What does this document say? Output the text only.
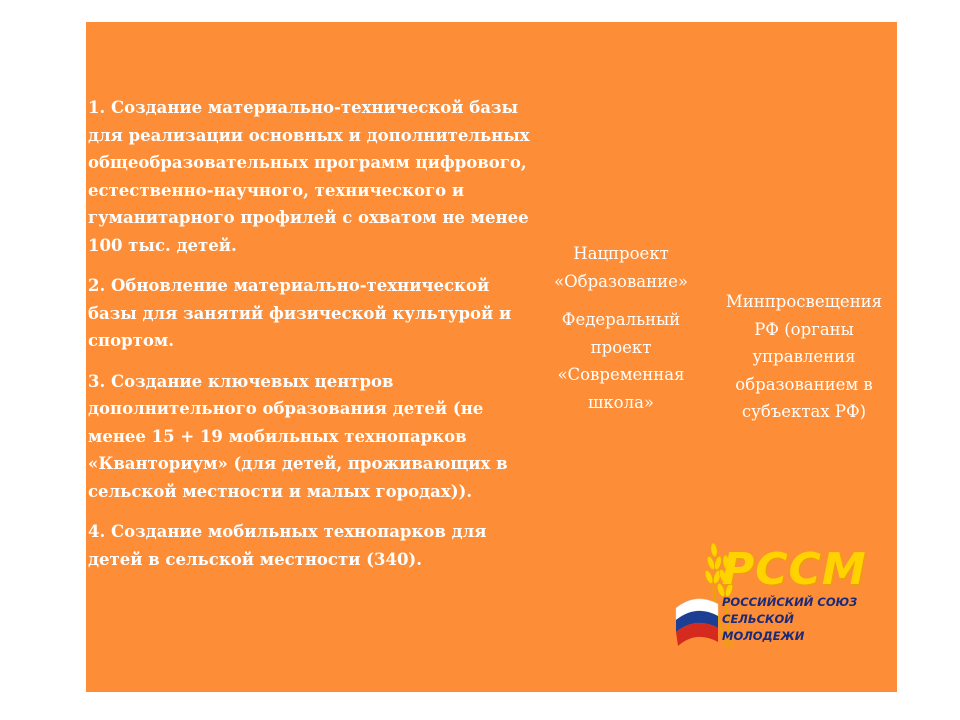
1. Создание материально-технической базы для реализации основных и дополнительных общеобразовательных программ цифрового, естественно-научного, технического и гуманитарного профилей с охватом не менее 100 тыс. детей.

2. Обновление материально-технической базы для занятий физической культурой и спортом.

3. Создание ключевых центров дополнительного образования детей (не менее 15 + 19 мобильных технопарков «Кванториум» (для детей, проживающих в сельской местности и малых городах)).

4. Создание мобильных технопарков для детей в сельской местности (340).

Нацпроект «Образование»

Федеральный проект «Современная школа»

Минпросвещения РФ (органы управления образованием в субъектах РФ)

РССМ
РОССИЙСКИЙ СОЮЗ
СЕЛЬСКОЙ МОЛОДЕЖИ
